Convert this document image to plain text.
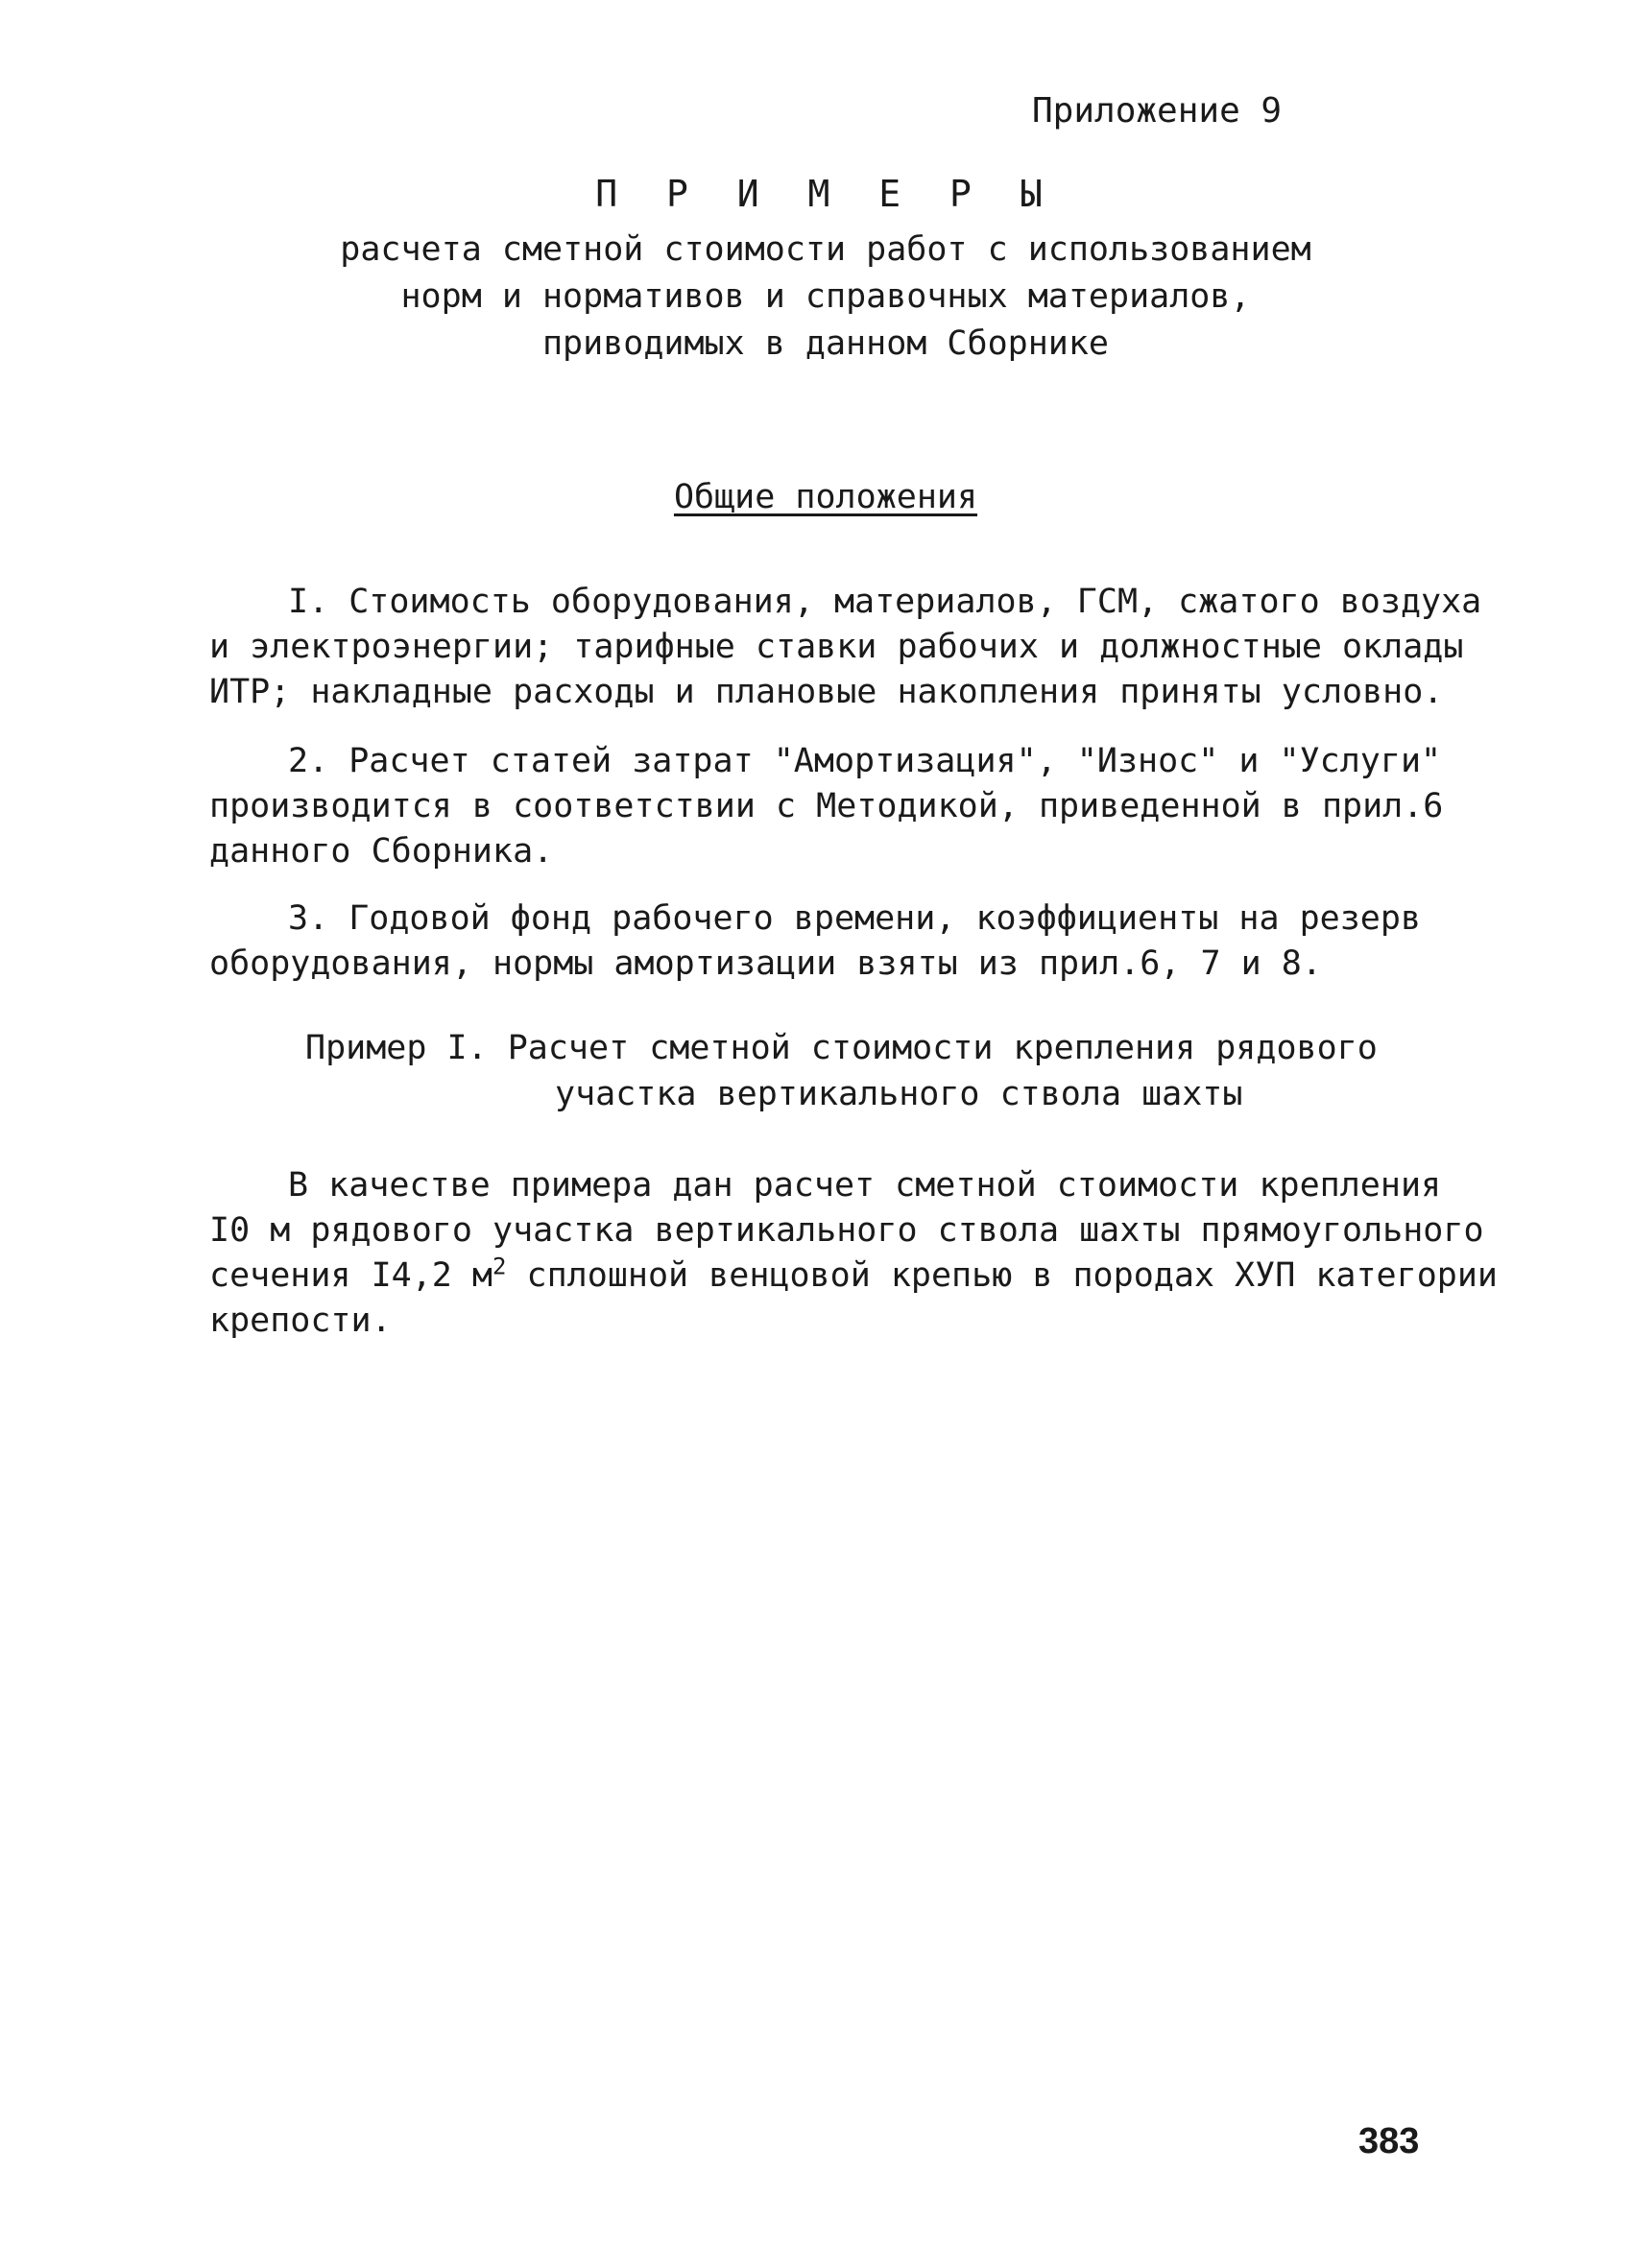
Приложение 9
П Р И М Е Р Ы
расчета сметной стоимости работ с использованием
норм и нормативов и справочных материалов,
приводимых в данном Сборнике
Общие положения
I. Стоимость оборудования, материалов, ГСМ, сжатого воздуха
и электроэнергии; тарифные ставки рабочих и должностные оклады
ИТР; накладные расходы и плановые накопления приняты условно.
2. Расчет статей затрат "Амортизация", "Износ" и "Услуги"
производится в соответствии с Методикой, приведенной в прил.6
данного Сборника.
3. Годовой фонд рабочего времени, коэффициенты на резерв
оборудования, нормы амортизации взяты из прил.6, 7 и 8.
Пример I. Расчет сметной стоимости крепления рядового
участка вертикального ствола шахты
В качестве примера дан расчет сметной стоимости крепления
I0 м рядового участка вертикального ствола шахты прямоугольного
сечения I4,2 $м^2$ сплошной венцовой крепью в породах ХУП категории
крепости.
383
